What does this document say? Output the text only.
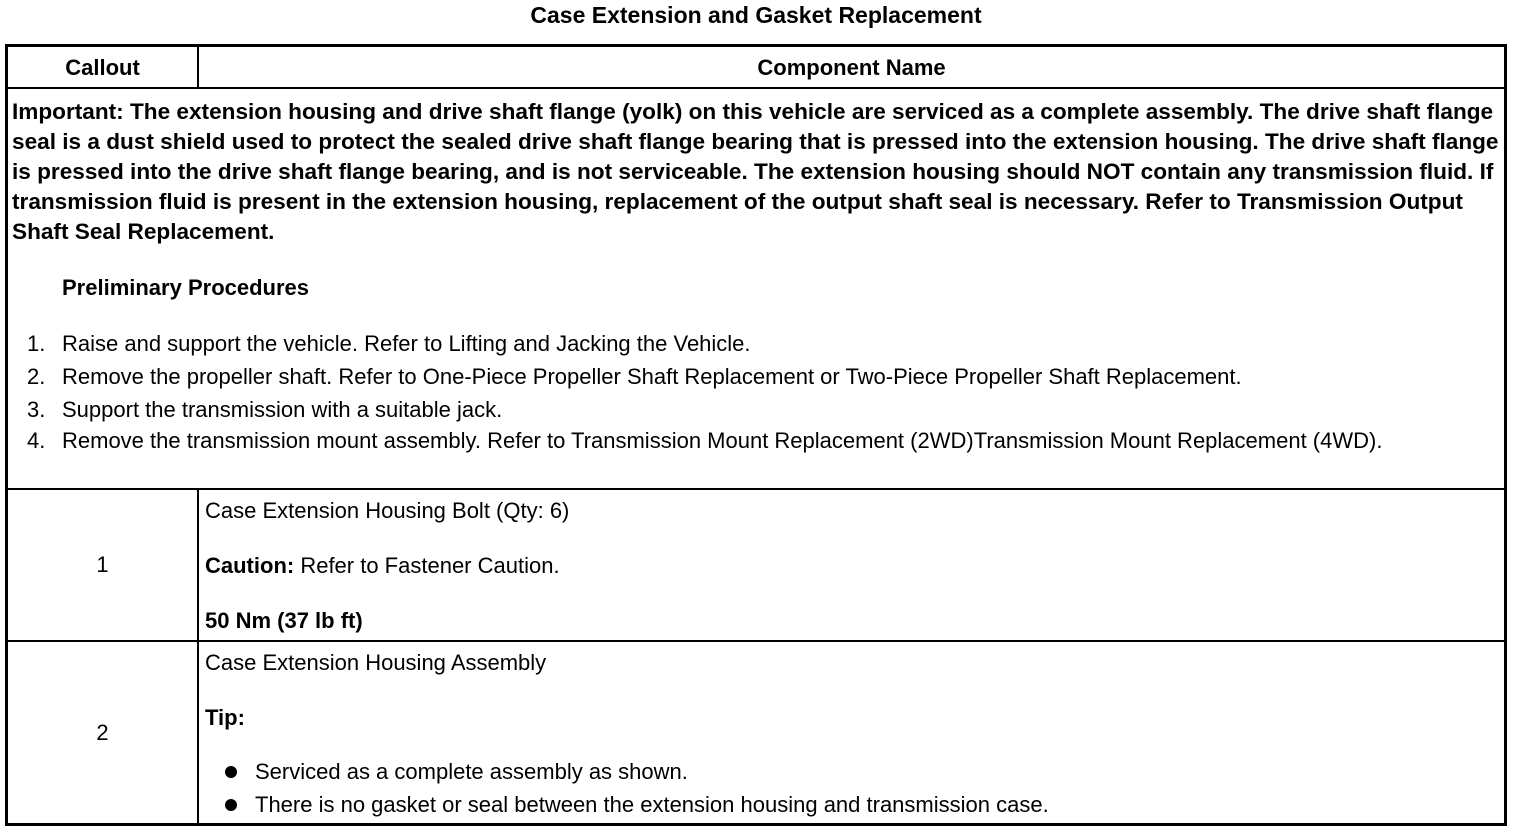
Case Extension and Gasket Replacement
Callout	Component Name
Important: The extension housing and drive shaft flange (yolk) on this vehicle are serviced as a complete assembly. The drive shaft flange seal is a dust shield used to protect the sealed drive shaft flange bearing that is pressed into the extension housing. The drive shaft flange is pressed into the drive shaft flange bearing, and is not serviceable. The extension housing should NOT contain any transmission fluid. If transmission fluid is present in the extension housing, replacement of the output shaft seal is necessary. Refer to Transmission Output Shaft Seal Replacement.
Preliminary Procedures
1. Raise and support the vehicle. Refer to Lifting and Jacking the Vehicle.
2. Remove the propeller shaft. Refer to One-Piece Propeller Shaft Replacement or Two-Piece Propeller Shaft Replacement.
3. Support the transmission with a suitable jack.
4. Remove the transmission mount assembly. Refer to Transmission Mount Replacement (2WD)Transmission Mount Replacement (4WD).
1
Case Extension Housing Bolt (Qty: 6)
Caution: Refer to Fastener Caution.
50 Nm (37 lb ft)
2
Case Extension Housing Assembly
Tip:
Serviced as a complete assembly as shown.
There is no gasket or seal between the extension housing and transmission case.
